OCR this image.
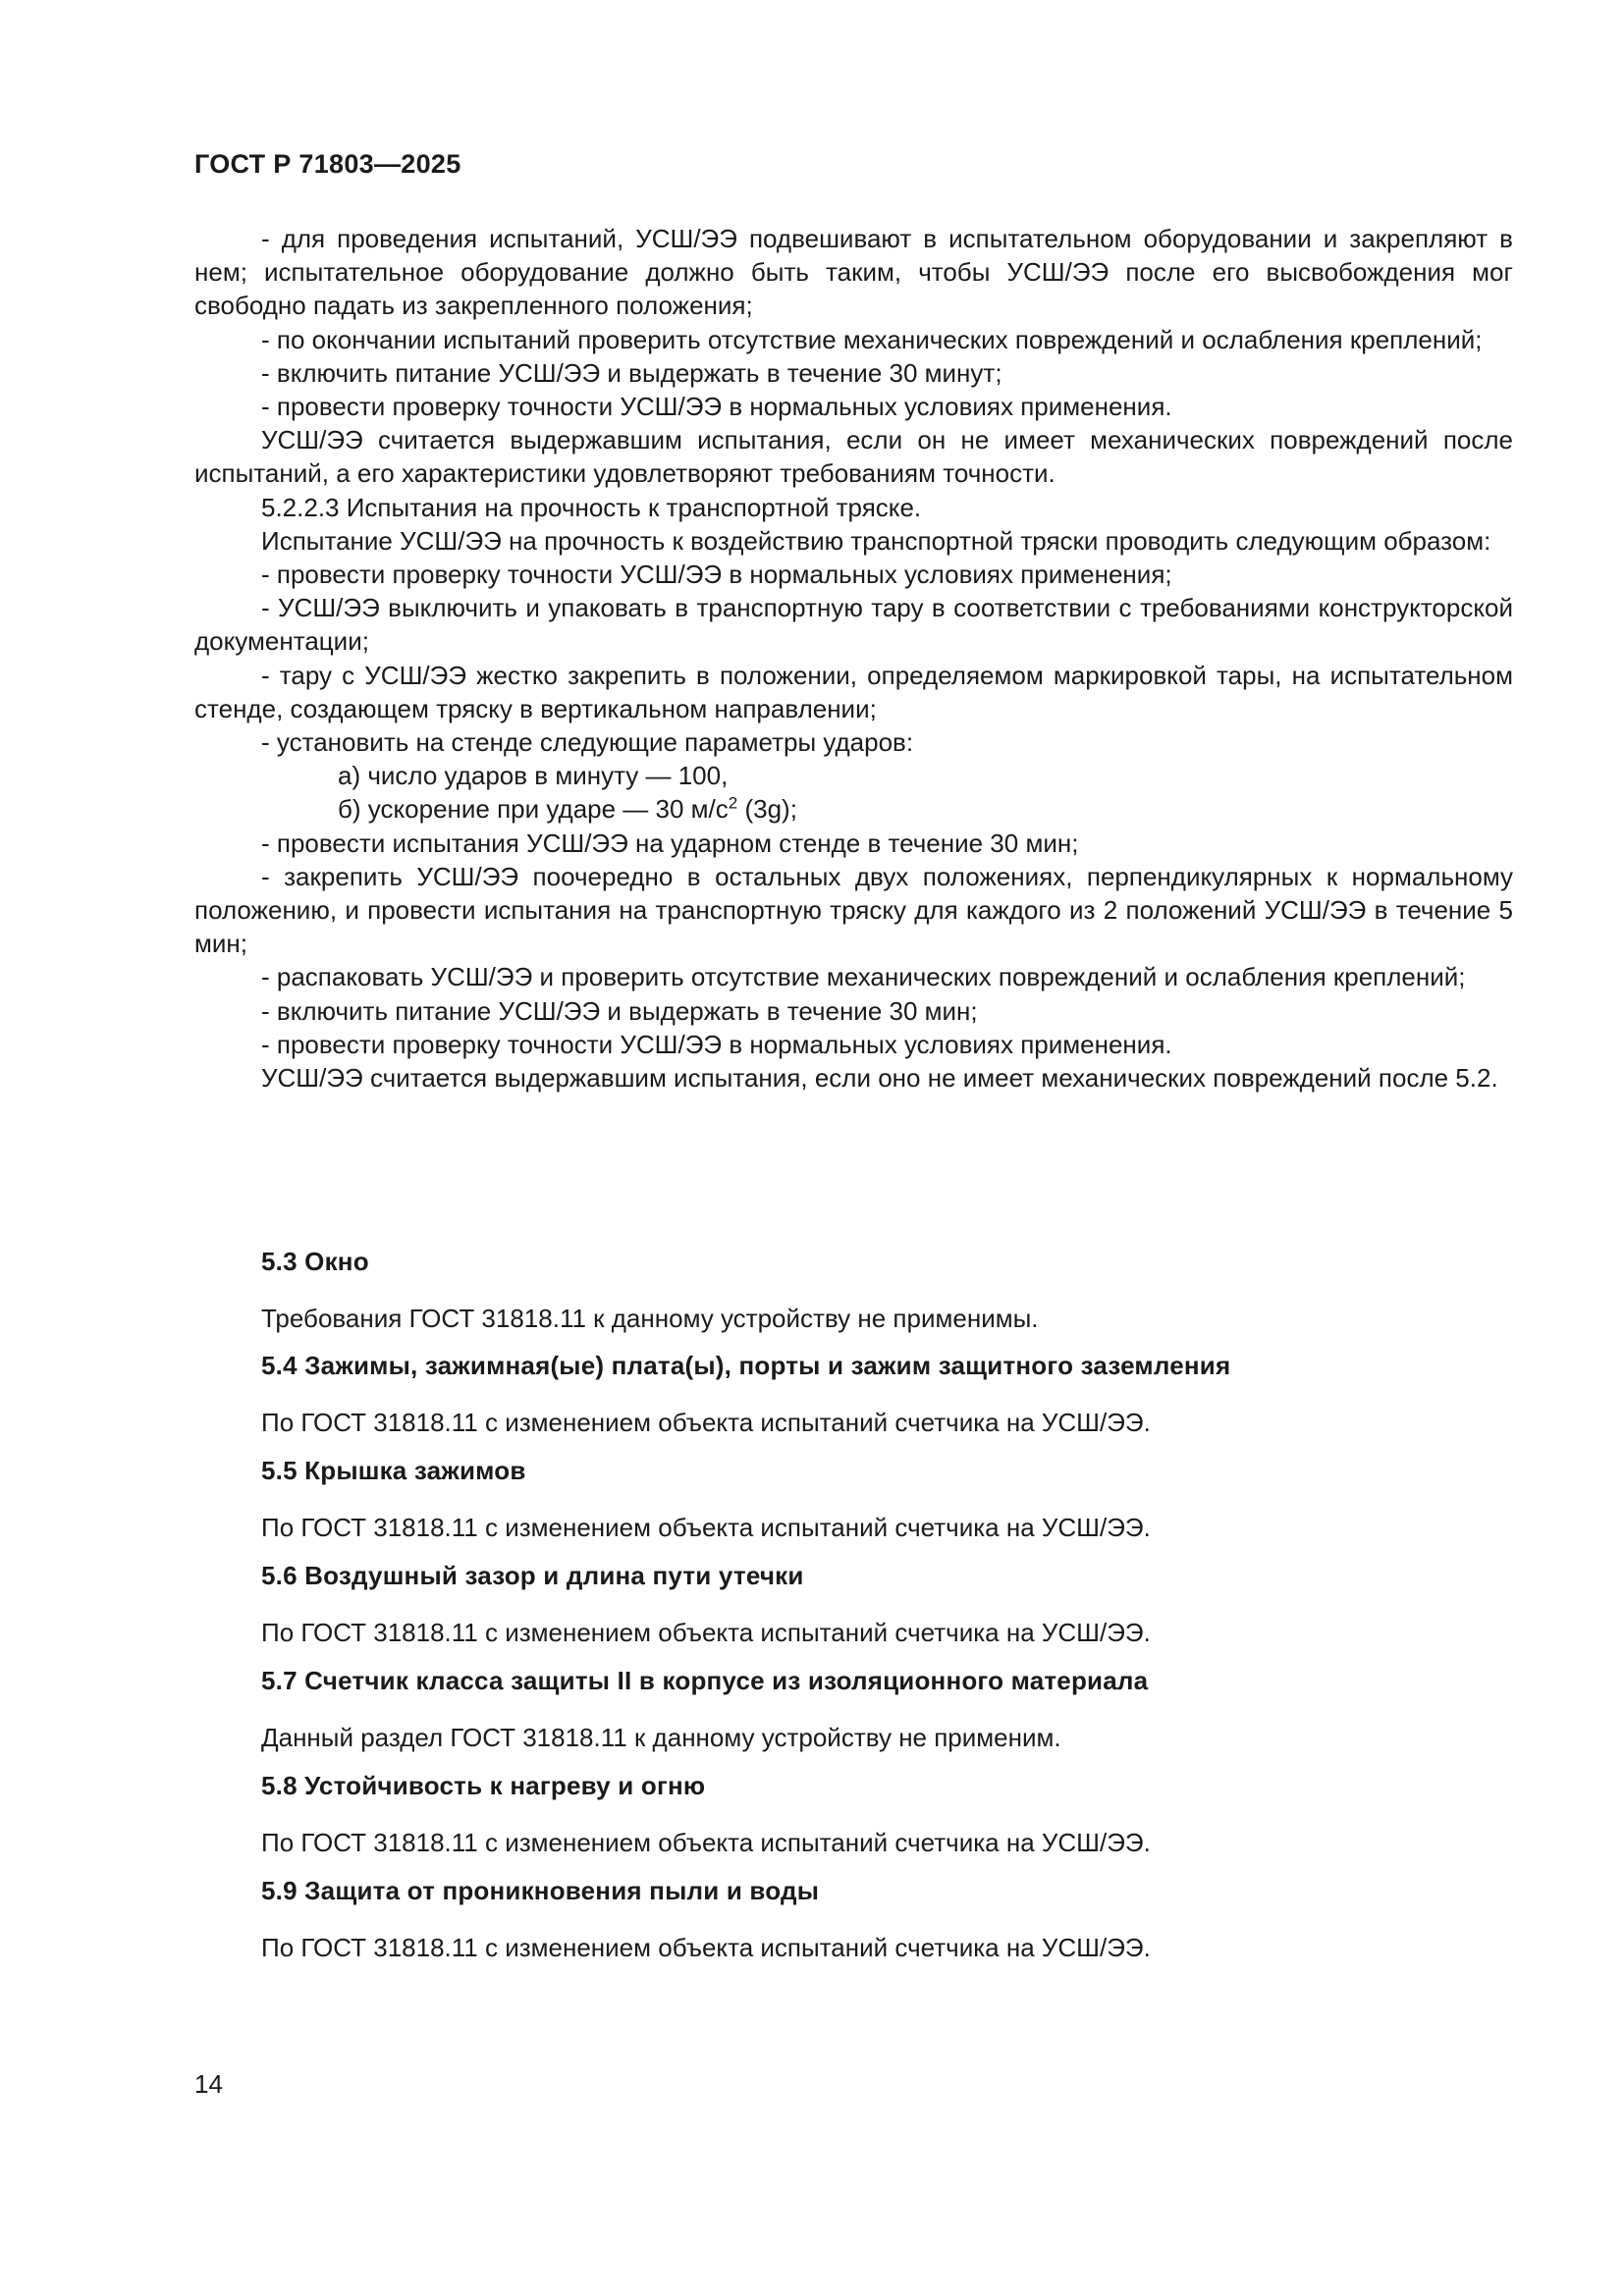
ГОСТ Р 71803—2025

- для проведения испытаний, УСШ/ЭЭ подвешивают в испытательном оборудовании и закрепляют в нем; испытательное оборудование должно быть таким, чтобы УСШ/ЭЭ после его высвобождения мог свободно падать из закрепленного положения;

- по окончании испытаний проверить отсутствие механических повреждений и ослабления креплений;

- включить питание УСШ/ЭЭ и выдержать в течение 30 минут;

- провести проверку точности УСШ/ЭЭ в нормальных условиях применения.

УСШ/ЭЭ считается выдержавшим испытания, если он не имеет механических повреждений после испытаний, а его характеристики удовлетворяют требованиям точности.

5.2.2.3 Испытания на прочность к транспортной тряске.

Испытание УСШ/ЭЭ на прочность к воздействию транспортной тряски проводить следующим образом:

- провести проверку точности УСШ/ЭЭ в нормальных условиях применения;

- УСШ/ЭЭ выключить и упаковать в транспортную тару в соответствии с требованиями конструкторской документации;

- тару с УСШ/ЭЭ жестко закрепить в положении, определяемом маркировкой тары, на испытательном стенде, создающем тряску в вертикальном направлении;

- установить на стенде следующие параметры ударов:

а) число ударов в минуту — 100,

б) ускорение при ударе — 30 $м/с^2$ (3g);

- провести испытания УСШ/ЭЭ на ударном стенде в течение 30 мин;

- закрепить УСШ/ЭЭ поочередно в остальных двух положениях, перпендикулярных к нормальному положению, и провести испытания на транспортную тряску для каждого из 2 положений УСШ/ЭЭ в течение 5 мин;

- распаковать УСШ/ЭЭ и проверить отсутствие механических повреждений и ослабления креплений;

- включить питание УСШ/ЭЭ и выдержать в течение 30 мин;

- провести проверку точности УСШ/ЭЭ в нормальных условиях применения.

УСШ/ЭЭ считается выдержавшим испытания, если оно не имеет механических повреждений после 5.2.

5.3 Окно

Требования ГОСТ 31818.11 к данному устройству не применимы.

5.4 Зажимы, зажимная(ые) плата(ы), порты и зажим защитного заземления

По ГОСТ 31818.11 с изменением объекта испытаний счетчика на УСШ/ЭЭ.

5.5 Крышка зажимов

По ГОСТ 31818.11 с изменением объекта испытаний счетчика на УСШ/ЭЭ.

5.6 Воздушный зазор и длина пути утечки

По ГОСТ 31818.11 с изменением объекта испытаний счетчика на УСШ/ЭЭ.

5.7 Счетчик класса защиты II в корпусе из изоляционного материала

Данный раздел ГОСТ 31818.11 к данному устройству не применим.

5.8 Устойчивость к нагреву и огню

По ГОСТ 31818.11 с изменением объекта испытаний счетчика на УСШ/ЭЭ.

5.9 Защита от проникновения пыли и воды

По ГОСТ 31818.11 с изменением объекта испытаний счетчика на УСШ/ЭЭ.

14
